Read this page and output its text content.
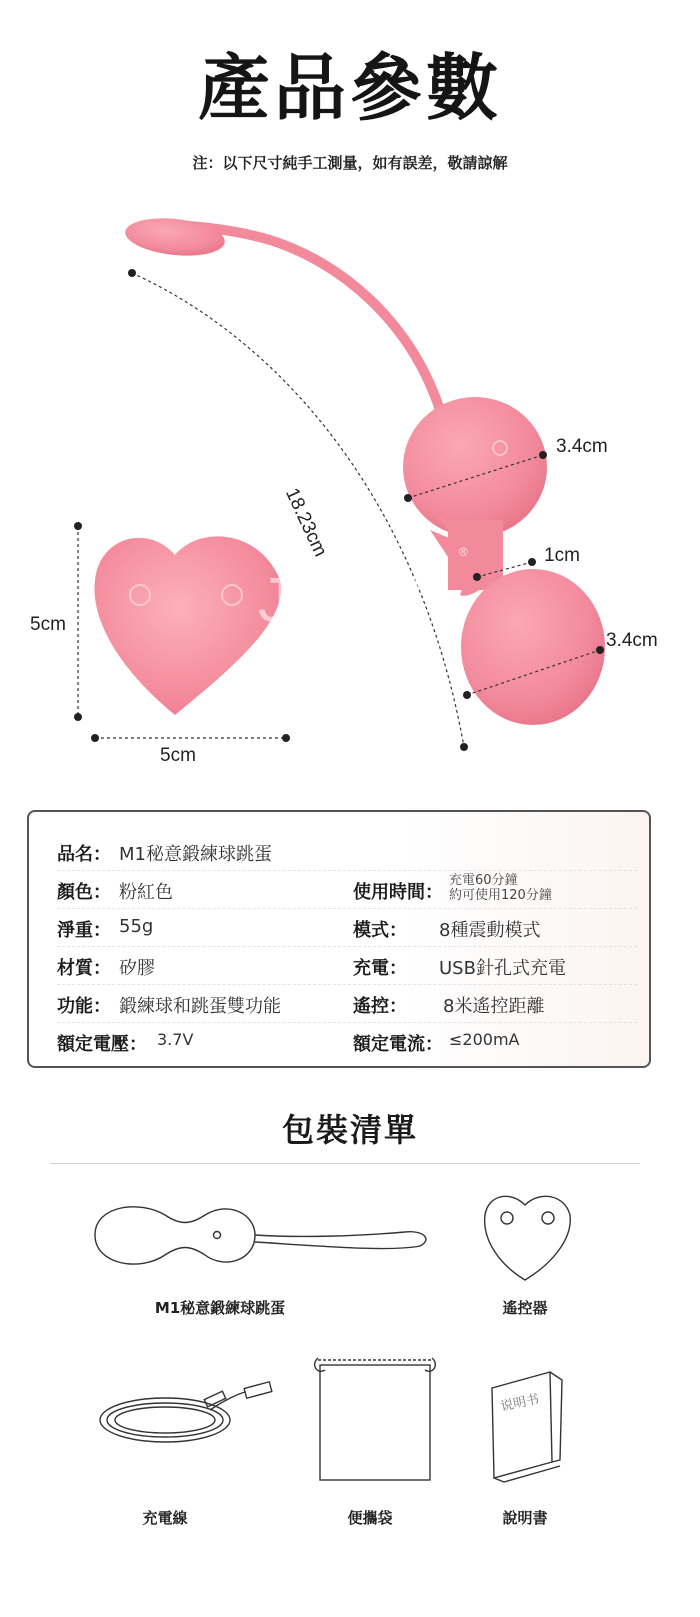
產品參數
注：以下尺寸純手工測量，如有誤差，敬請諒解
JWEI
®
5cm
5cm
18.23cm
3.4cm
1cm
3.4cm
品名： M1秘意鍛練球跳蛋
顏色： 粉紅色	使用時間：
充電60分鐘
約可使用120分鐘
淨重： 55g	模式： 8種震動模式
材質： 矽膠	充電： USB針孔式充電
功能： 鍛練球和跳蛋雙功能	遙控： 8米遙控距離
額定電壓： 3.7V	額定電流： ≤200mA
包裝清單
说明书
M1秘意鍛練球跳蛋	遙控器
充電線	便攜袋	說明書
